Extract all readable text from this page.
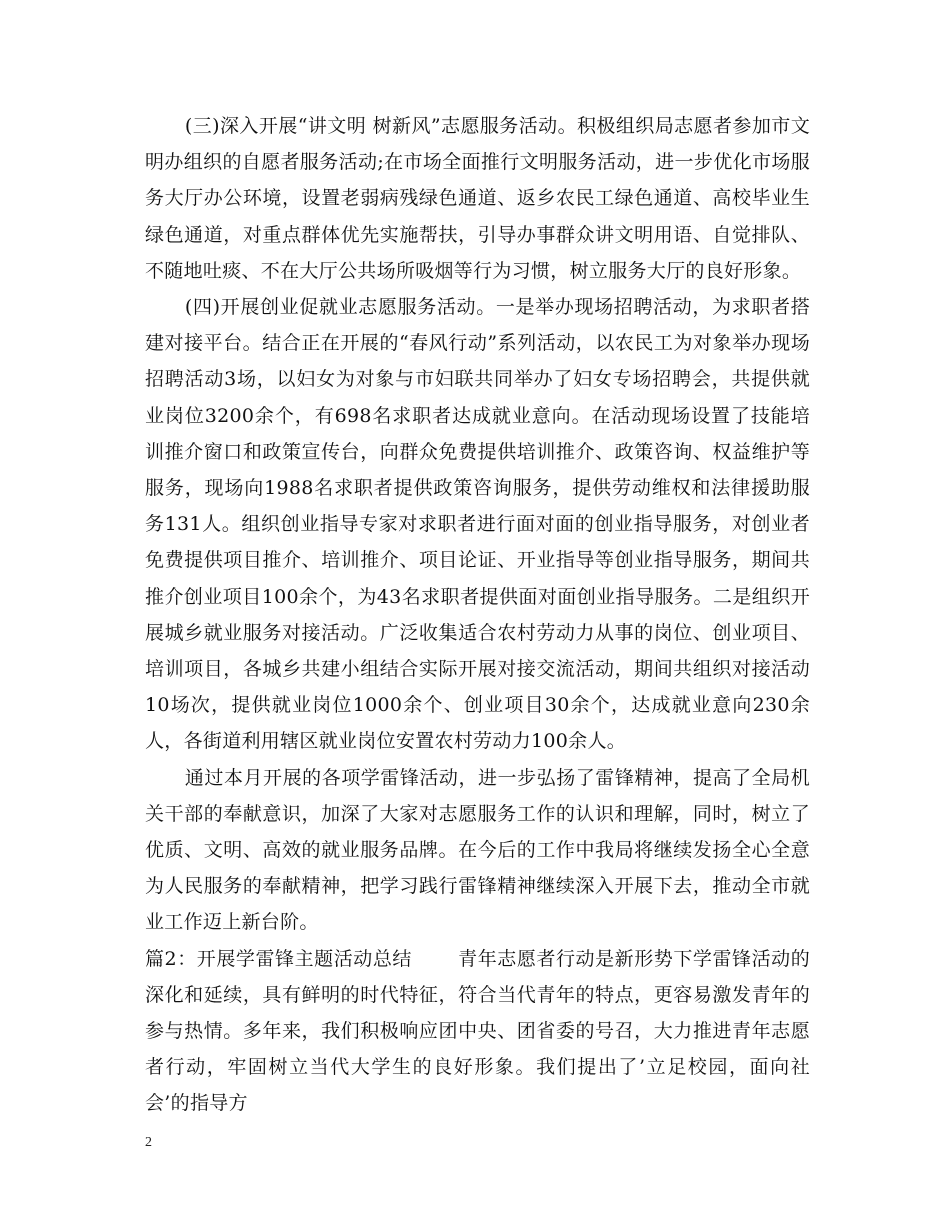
(三)深入开展“讲文明 树新风”志愿服务活动。积极组织局志愿者参加市文明办组织的自愿者服务活动;在市场全面推行文明服务活动，进一步优化市场服务大厅办公环境，设置老弱病残绿色通道、返乡农民工绿色通道、高校毕业生绿色通道，对重点群体优先实施帮扶，引导办事群众讲文明用语、自觉排队、不随地吐痰、不在大厅公共场所吸烟等行为习惯，树立服务大厅的良好形象。

(四)开展创业促就业志愿服务活动。一是举办现场招聘活动，为求职者搭建对接平台。结合正在开展的“春风行动”系列活动，以农民工为对象举办现场招聘活动3场，以妇女为对象与市妇联共同举办了妇女专场招聘会，共提供就业岗位3200余个，有698名求职者达成就业意向。在活动现场设置了技能培训推介窗口和政策宣传台，向群众免费提供培训推介、政策咨询、权益维护等服务，现场向1988名求职者提供政策咨询服务，提供劳动维权和法律援助服务131人。组织创业指导专家对求职者进行面对面的创业指导服务，对创业者免费提供项目推介、培训推介、项目论证、开业指导等创业指导服务，期间共推介创业项目100余个，为43名求职者提供面对面创业指导服务。二是组织开展城乡就业服务对接活动。广泛收集适合农村劳动力从事的岗位、创业项目、培训项目，各城乡共建小组结合实际开展对接交流活动，期间共组织对接活动 10场次，提供就业岗位1000余个、创业项目30余个，达成就业意向230余人，各街道利用辖区就业岗位安置农村劳动力100余人。

通过本月开展的各项学雷锋活动，进一步弘扬了雷锋精神，提高了全局机关干部的奉献意识，加深了大家对志愿服务工作的认识和理解，同时，树立了优质、文明、高效的就业服务品牌。在今后的工作中我局将继续发扬全心全意为人民服务的奉献精神，把学习践行雷锋精神继续深入开展下去，推动全市就业工作迈上新台阶。

篇2：开展学雷锋主题活动总结 青年志愿者行动是新形势下学雷锋活动的深化和延续，具有鲜明的时代特征，符合当代青年的特点，更容易激发青年的参与热情。多年来，我们积极响应团中央、团省委的号召，大力推进青年志愿者行动，牢固树立当代大学生的良好形象。我们提出了’立足校园，面向社会’的指导方

2
